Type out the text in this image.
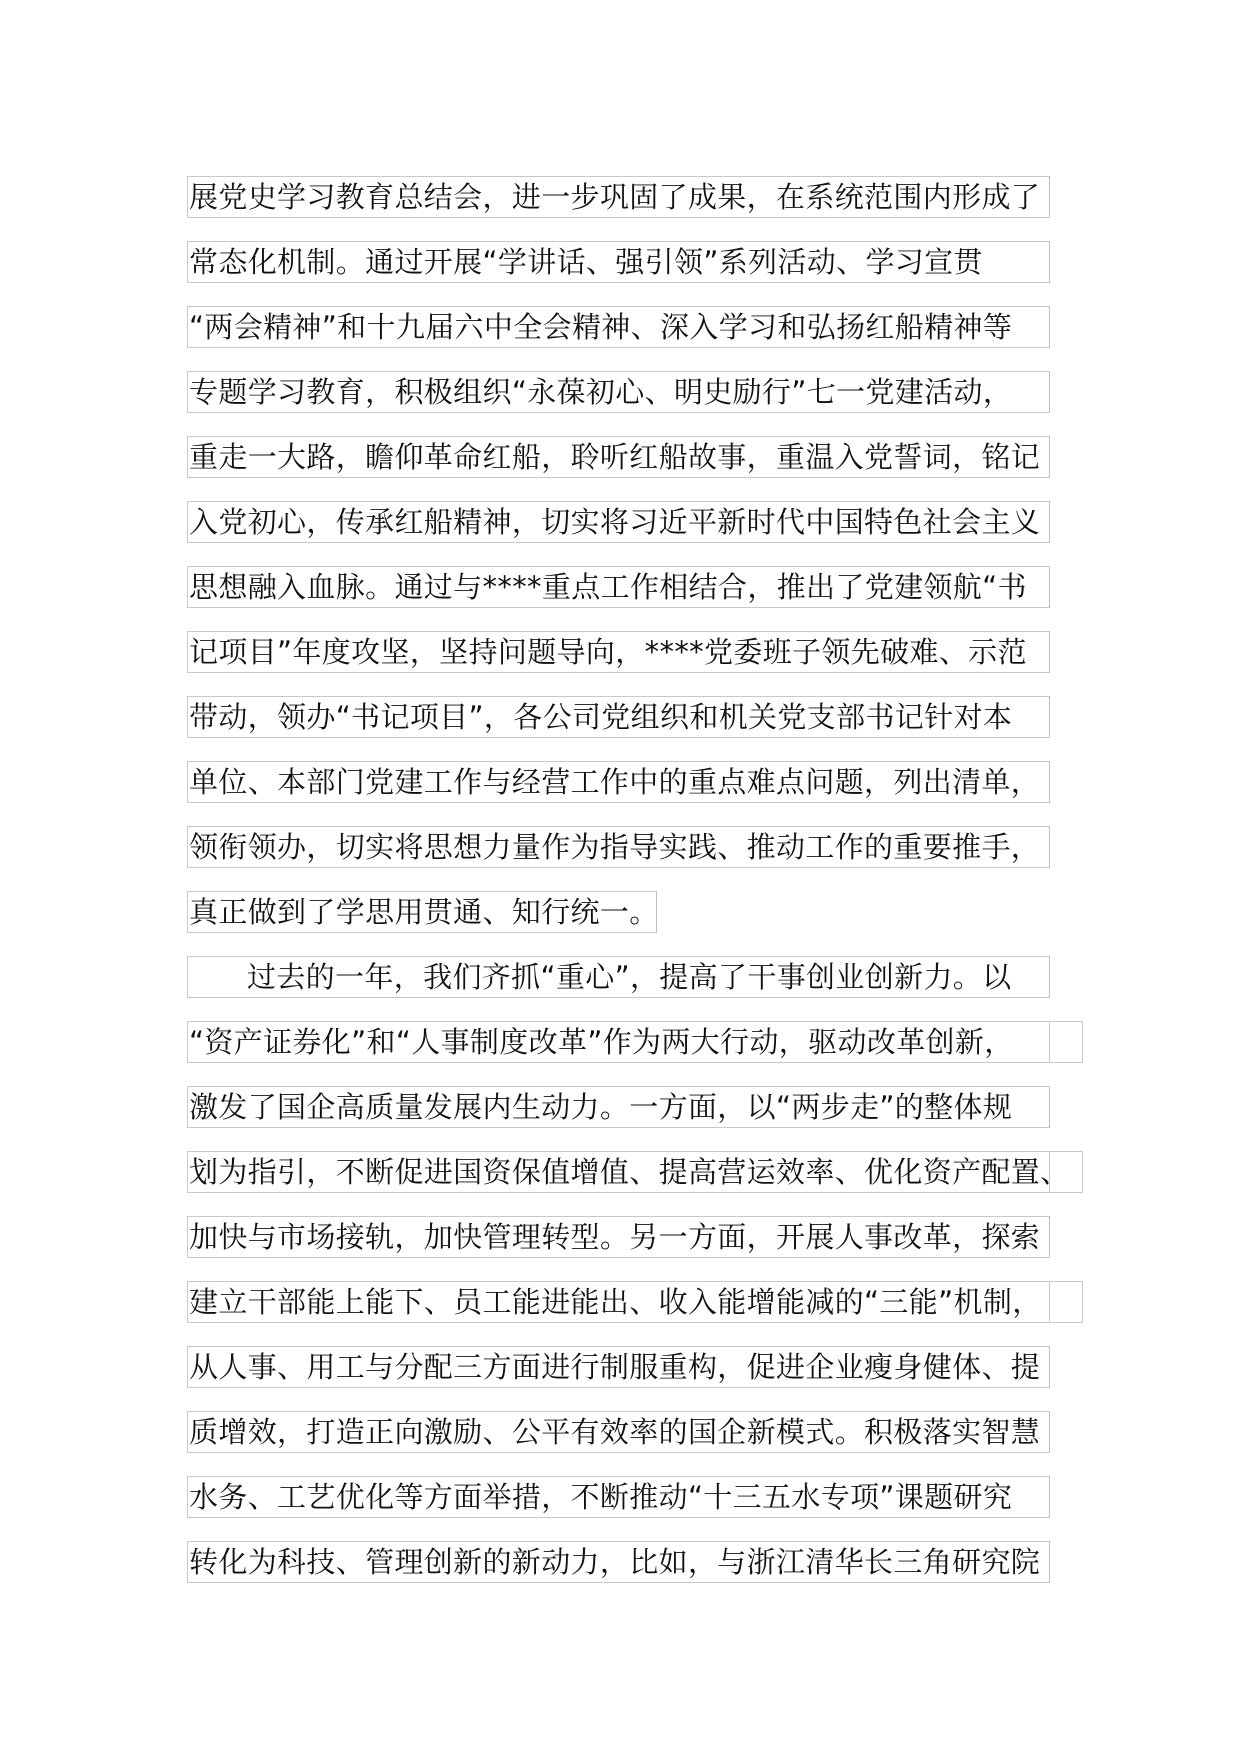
展党史学习教育总结会，进一步巩固了成果，在系统范围内形成了
常态化机制。通过开展“学讲话、强引领”系列活动、学习宣贯
“两会精神”和十九届六中全会精神、深入学习和弘扬红船精神等
专题学习教育，积极组织“永葆初心、明史励行”七一党建活动，
重走一大路，瞻仰革命红船，聆听红船故事，重温入党誓词，铭记
入党初心，传承红船精神，切实将习近平新时代中国特色社会主义
思想融入血脉。通过与****重点工作相结合，推出了党建领航“书
记项目”年度攻坚，坚持问题导向，****党委班子领先破难、示范
带动，领办“书记项目”，各公司党组织和机关党支部书记针对本
单位、本部门党建工作与经营工作中的重点难点问题，列出清单，
领衔领办，切实将思想力量作为指导实践、推动工作的重要推手，
真正做到了学思用贯通、知行统一。
过去的一年，我们齐抓“重心”，提高了干事创业创新力。以
“资产证券化”和“人事制度改革”作为两大行动，驱动改革创新，
激发了国企高质量发展内生动力。一方面，以“两步走”的整体规
划为指引，不断促进国资保值增值、提高营运效率、优化资产配置、
加快与市场接轨，加快管理转型。另一方面，开展人事改革，探索
建立干部能上能下、员工能进能出、收入能增能减的“三能”机制，
从人事、用工与分配三方面进行制服重构，促进企业瘦身健体、提
质增效，打造正向激励、公平有效率的国企新模式。积极落实智慧
水务、工艺优化等方面举措，不断推动“十三五水专项”课题研究
转化为科技、管理创新的新动力，比如，与浙江清华长三角研究院
